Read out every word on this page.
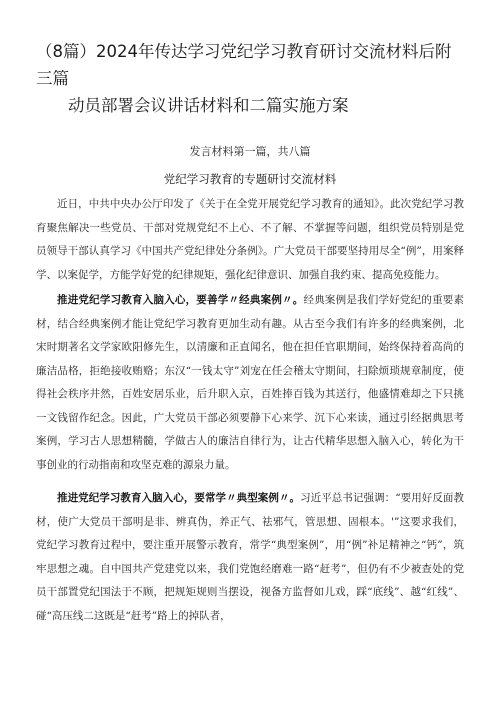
（8篇）2024年传达学习党纪学习教育研讨交流材料后附三篇
动员部署会议讲话材料和二篇实施方案
发言材料第一篇，共八篇
党纪学习教育的专题研讨交流材料

近日，中共中央办公厅印发了《关于在全党开展党纪学习教育的通知》。此次党纪学习教育聚焦解决一些党员、干部对党规党纪不上心、不了解、不掌握等问题，组织党员特别是党员领导干部认真学习《中国共产党纪律处分条例》。广大党员干部要坚持用尽全“例”，用案释学、以案促学，方能学好党的纪律规矩，强化纪律意识、加强自我约束、提高免疫能力。

推进党纪学习教育入脑入心，要善学〃经典案例〃。经典案例是我们学好党纪的重要素材，结合经典案例才能让党纪学习教育更加生动有趣。从古至今我们有许多的经典案例，北宋时期著名文学家欧阳修先生，以清廉和正直闻名，他在担任官职期间，始终保持着高尚的廉洁品格，拒绝接收贿赂；东汉“一钱太守”刘宠在任会稽太守期间，扫除烦琐规章制度，使得社会秩序井然，百姓安居乐业，后升职入京，百姓捧百钱为其送行，他盛情难却之下只挑一文钱留作纪念。因此，广大党员干部必须要静下心来学、沉下心来读，通过引经据典思考案例，学习古人思想精髓，学做古人的廉洁自律行为，让古代精华思想入脑入心，转化为干事创业的行动指南和攻坚克难的源泉力量。

推进党纪学习教育入脑入心，要常学〃典型案例〃。习近平总书记强调：“要用好反面教材，使广大党员干部明是非、辨真伪，养正气、祛邪气，管思想、固根本。'”这要求我们，党纪学习教育过程中，要注重开展警示教育，常学“典型案例”，用“例”补足精神之“钙”，筑牢思想之魂。自中国共产党建党以来，我们党饱经磨难一路“赶考”，但仍有不少被查处的党员干部置党纪国法于不顾，把规矩规则当摆设，视备方监督如儿戏，踩“底线”、越“红线”、碰“高压线二这既是“赶考”路上的掉队者，
